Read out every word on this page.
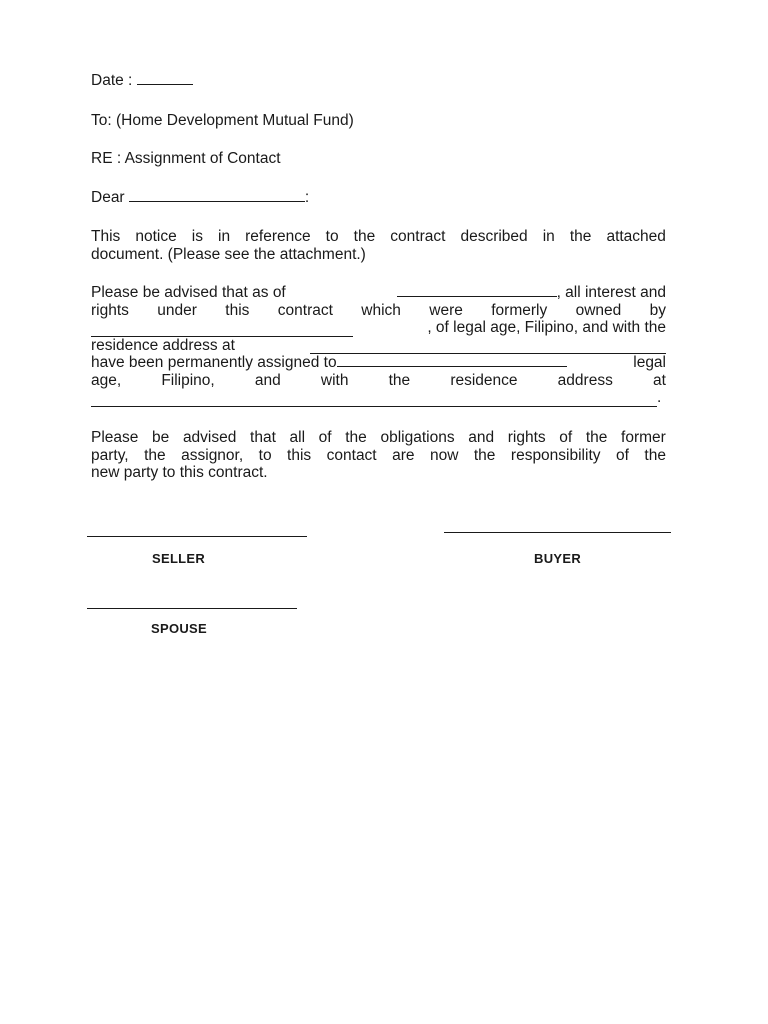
Date :
To: (Home Development Mutual Fund)
RE : Assignment of Contact
Dear	:
This notice is in reference to the contract described in the attached
document. (Please see the attachment.)
Please be advised that as of	, all interest and
rights under this contract which were formerly owned by
, of legal age, Filipino, and with the
residence address at
have been permanently assigned to	legal
age,	Filipino,	and	with	the	residence	address	at
.
Please be advised that all of the obligations and rights of the former
party, the assignor, to this contact are now the responsibility of the
new party to this contract.
SELLER	BUYER
SPOUSE
